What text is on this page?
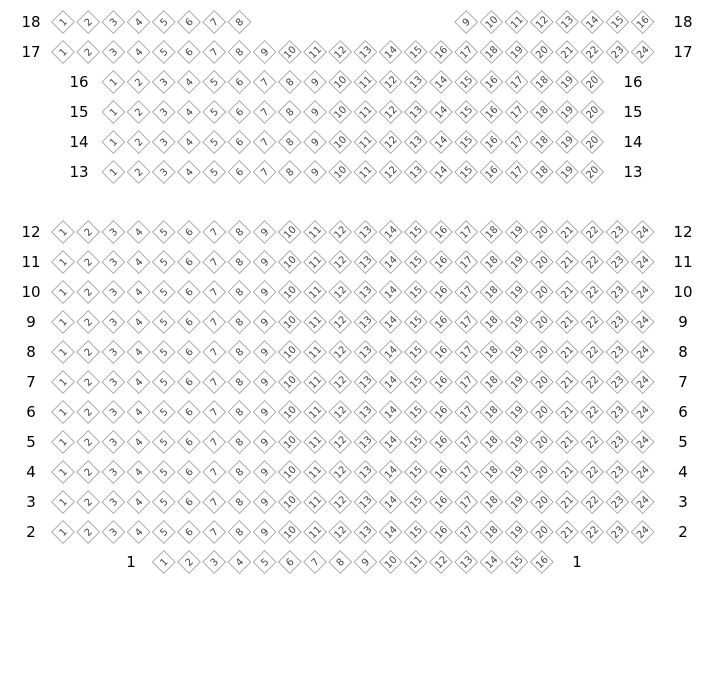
18	18
1 2 3 4 5 6 7 8	9 10 11 12 13 14 15 16
17	17
1 2 3 4 5 6 7 8 9 10 11 12 13 14 15 16 17 18 19 20 21 22 23 24
16	16
1 2 3 4 5 6 7 8 9 10 11 12 13 14 15 16 17 18 19 20
15	15
1 2 3 4 5 6 7 8 9 10 11 12 13 14 15 16 17 18 19 20
14	14
1 2 3 4 5 6 7 8 9 10 11 12 13 14 15 16 17 18 19 20
13	13
1 2 3 4 5 6 7 8 9 10 11 12 13 14 15 16 17 18 19 20
12	12
1 2 3 4 5 6 7 8 9 10 11 12 13 14 15 16 17 18 19 20 21 22 23 24
11	11
1 2 3 4 5 6 7 8 9 10 11 12 13 14 15 16 17 18 19 20 21 22 23 24
10	10
1 2 3 4 5 6 7 8 9 10 11 12 13 14 15 16 17 18 19 20 21 22 23 24
9	9
1 2 3 4 5 6 7 8 9 10 11 12 13 14 15 16 17 18 19 20 21 22 23 24
8	8
1 2 3 4 5 6 7 8 9 10 11 12 13 14 15 16 17 18 19 20 21 22 23 24
7	7
1 2 3 4 5 6 7 8 9 10 11 12 13 14 15 16 17 18 19 20 21 22 23 24
6	6
1 2 3 4 5 6 7 8 9 10 11 12 13 14 15 16 17 18 19 20 21 22 23 24
5	5
1 2 3 4 5 6 7 8 9 10 11 12 13 14 15 16 17 18 19 20 21 22 23 24
4	4
1 2 3 4 5 6 7 8 9 10 11 12 13 14 15 16 17 18 19 20 21 22 23 24
3	3
1 2 3 4 5 6 7 8 9 10 11 12 13 14 15 16 17 18 19 20 21 22 23 24
2	2
1 2 3 4 5 6 7 8 9 10 11 12 13 14 15 16 17 18 19 20 21 22 23 24
1	1
1 2 3 4 5 6 7 8 9 10 11 12 13 14 15 16
